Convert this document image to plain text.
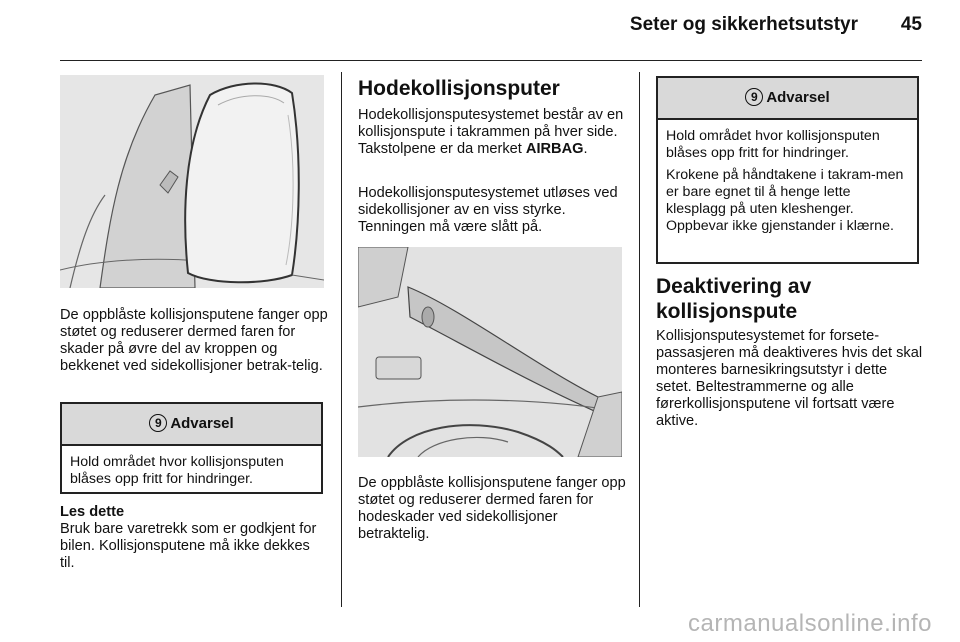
Seter og sikkerhetsutstyr 45

De oppblåste kollisjonsputene fanger opp støtet og reduserer dermed faren for skader på øvre del av kroppen og bekkenet ved sidekollisjoner betrak-telig.

9 Advarsel
Hold området hvor kollisjonsputen blåses opp fritt for hindringer.

Les dette
Bruk bare varetrekk som er godkjent for bilen. Kollisjonsputene må ikke dekkes til.

Hodekollisjonsputer

Hodekollisjonsputesystemet består av en kollisjonspute i takrammen på hver side. Takstolpene er da merket AIRBAG.

Hodekollisjonsputesystemet utløses ved sidekollisjoner av en viss styrke. Tenningen må være slått på.

De oppblåste kollisjonsputene fanger opp støtet og reduserer dermed faren for hodeskader ved sidekollisjoner betraktelig.

9 Advarsel

Hold området hvor kollisjonsputen blåses opp fritt for hindringer.

Krokene på håndtakene i takram-men er bare egnet til å henge lette klesplagg på uten kleshenger. Oppbevar ikke gjenstander i klærne.

Deaktivering av kollisjonspute

Kollisjonsputesystemet for forsete-passasjeren må deaktiveres hvis det skal monteres barnesikringsutstyr i dette setet. Beltestrammerne og alle førerkollisjonsputene vil fortsatt være aktive.

carmanualsonline.info
